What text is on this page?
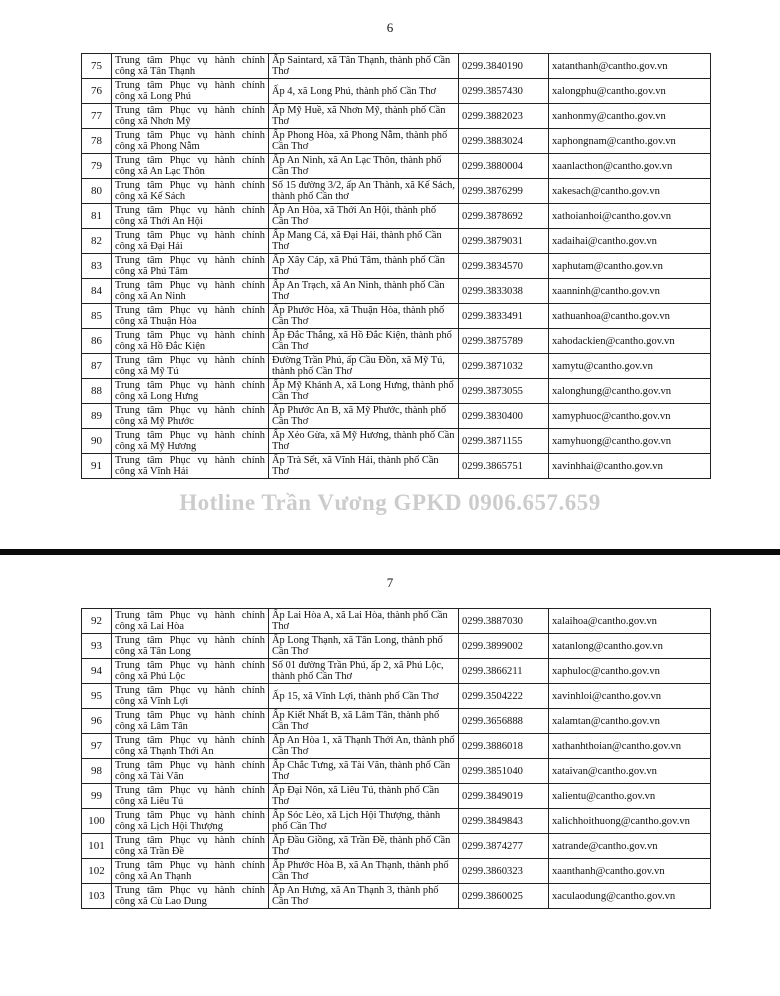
6
75	Trung tâm Phục vụ hành chính công xã Tân Thạnh	Ấp Saintard, xã Tân Thạnh, thành phố Cần Thơ	0299.3840190	xatanthanh@cantho.gov.vn
76	Trung tâm Phục vụ hành chính công xã Long Phú	Ấp 4, xã Long Phú, thành phố Cần Thơ	0299.3857430	xalongphu@cantho.gov.vn
77	Trung tâm Phục vụ hành chính công xã Nhơn Mỹ	Ấp Mỹ Huề, xã Nhơn Mỹ, thành phố Cần Thơ	0299.3882023	xanhonmy@cantho.gov.vn
78	Trung tâm Phục vụ hành chính công xã Phong Nẫm	Ấp Phong Hòa, xã Phong Nẫm, thành phố Cần Thơ	0299.3883024	xaphongnam@cantho.gov.vn
79	Trung tâm Phục vụ hành chính công xã An Lạc Thôn	Ấp An Ninh, xã An Lạc Thôn, thành phố Cần Thơ	0299.3880004	xaanlacthon@cantho.gov.vn
80	Trung tâm Phục vụ hành chính công xã Kế Sách	Số 15 đường 3/2, ấp An Thành, xã Kế Sách, thành phố Cần thơ	0299.3876299	xakesach@cantho.gov.vn
81	Trung tâm Phục vụ hành chính công xã Thới An Hội	Ấp An Hòa, xã Thới An Hội, thành phố Cần Thơ	0299.3878692	xathoianhoi@cantho.gov.vn
82	Trung tâm Phục vụ hành chính công xã Đại Hải	Ấp Mang Cá, xã Đại Hải, thành phố Cần Thơ	0299.3879031	xadaihai@cantho.gov.vn
83	Trung tâm Phục vụ hành chính công xã Phú Tâm	Ấp Xây Cáp, xã Phú Tâm, thành phố Cần Thơ	0299.3834570	xaphutam@cantho.gov.vn
84	Trung tâm Phục vụ hành chính công xã An Ninh	Ấp An Trạch, xã An Ninh, thành phố Cần Thơ	0299.3833038	xaanninh@cantho.gov.vn
85	Trung tâm Phục vụ hành chính công xã Thuận Hòa	Ấp Phước Hòa, xã Thuận Hòa, thành phố Cần Thơ	0299.3833491	xathuanhoa@cantho.gov.vn
86	Trung tâm Phục vụ hành chính công xã Hồ Đắc Kiện	Ấp Đắc Thắng, xã Hồ Đắc Kiện, thành phố Cần Thơ	0299.3875789	xahodackien@cantho.gov.vn
87	Trung tâm Phục vụ hành chính công xã Mỹ Tú	Đường Trần Phú, ấp Cầu Đồn, xã Mỹ Tú, thành phố Cần Thơ	0299.3871032	xamytu@cantho.gov.vn
88	Trung tâm Phục vụ hành chính công xã Long Hưng	Ấp Mỹ Khánh A, xã Long Hưng, thành phố Cần Thơ	0299.3873055	xalonghung@cantho.gov.vn
89	Trung tâm Phục vụ hành chính công xã Mỹ Phước	Ấp Phước An B, xã Mỹ Phước, thành phố Cần Thơ	0299.3830400	xamyphuoc@cantho.gov.vn
90	Trung tâm Phục vụ hành chính công xã Mỹ Hương	Ấp Xẻo Gừa, xã Mỹ Hương, thành phố Cần Thơ	0299.3871155	xamyhuong@cantho.gov.vn
91	Trung tâm Phục vụ hành chính công xã Vĩnh Hải	Ấp Trà Sết, xã Vĩnh Hải, thành phố Cần Thơ	0299.3865751	xavinhhai@cantho.gov.vn
Hotline Trần Vương GPKD 0906.657.659
7
92	Trung tâm Phục vụ hành chính công xã Lai Hòa	Ấp Lai Hòa A, xã Lai Hòa, thành phố Cần Thơ	0299.3887030	xalaihoa@cantho.gov.vn
93	Trung tâm Phục vụ hành chính công xã Tân Long	Ấp Long Thạnh, xã Tân Long, thành phố Cần Thơ	0299.3899002	xatanlong@cantho.gov.vn
94	Trung tâm Phục vụ hành chính công xã Phú Lộc	Số 01 đường Trần Phú, ấp 2, xã Phú Lộc, thành phố Cần Thơ	0299.3866211	xaphuloc@cantho.gov.vn
95	Trung tâm Phục vụ hành chính công xã Vĩnh Lợi	Ấp 15, xã Vĩnh Lợi, thành phố Cần Thơ	0299.3504222	xavinhloi@cantho.gov.vn
96	Trung tâm Phục vụ hành chính công xã Lâm Tân	Ấp Kiết Nhất B, xã Lâm Tân, thành phố Cần Thơ	0299.3656888	xalamtan@cantho.gov.vn
97	Trung tâm Phục vụ hành chính công xã Thạnh Thới An	Ấp An Hòa 1, xã Thạnh Thới An, thành phố Cần Thơ	0299.3886018	xathanhthoian@cantho.gov.vn
98	Trung tâm Phục vụ hành chính công xã Tài Văn	Ấp Chắc Tưng, xã Tài Văn, thành phố Cần Thơ	0299.3851040	xataivan@cantho.gov.vn
99	Trung tâm Phục vụ hành chính công xã Liêu Tú	Ấp Đại Nôn, xã Liêu Tú, thành phố Cần Thơ	0299.3849019	xalientu@cantho.gov.vn
100	Trung tâm Phục vụ hành chính công xã Lịch Hội Thượng	Ấp Sóc Lèo, xã Lịch Hội Thượng, thành phố Cần Thơ	0299.3849843	xalichhoithuong@cantho.gov.vn
101	Trung tâm Phục vụ hành chính công xã Trần Đề	Ấp Đầu Giồng, xã Trần Đề, thành phố Cần Thơ	0299.3874277	xatrande@cantho.gov.vn
102	Trung tâm Phục vụ hành chính công xã An Thạnh	Ấp Phước Hòa B, xã An Thạnh, thành phố Cần Thơ	0299.3860323	xaanthanh@cantho.gov.vn
103	Trung tâm Phục vụ hành chính công xã Cù Lao Dung	Ấp An Hưng, xã An Thạnh 3, thành phố Cần Thơ	0299.3860025	xaculaodung@cantho.gov.vn
